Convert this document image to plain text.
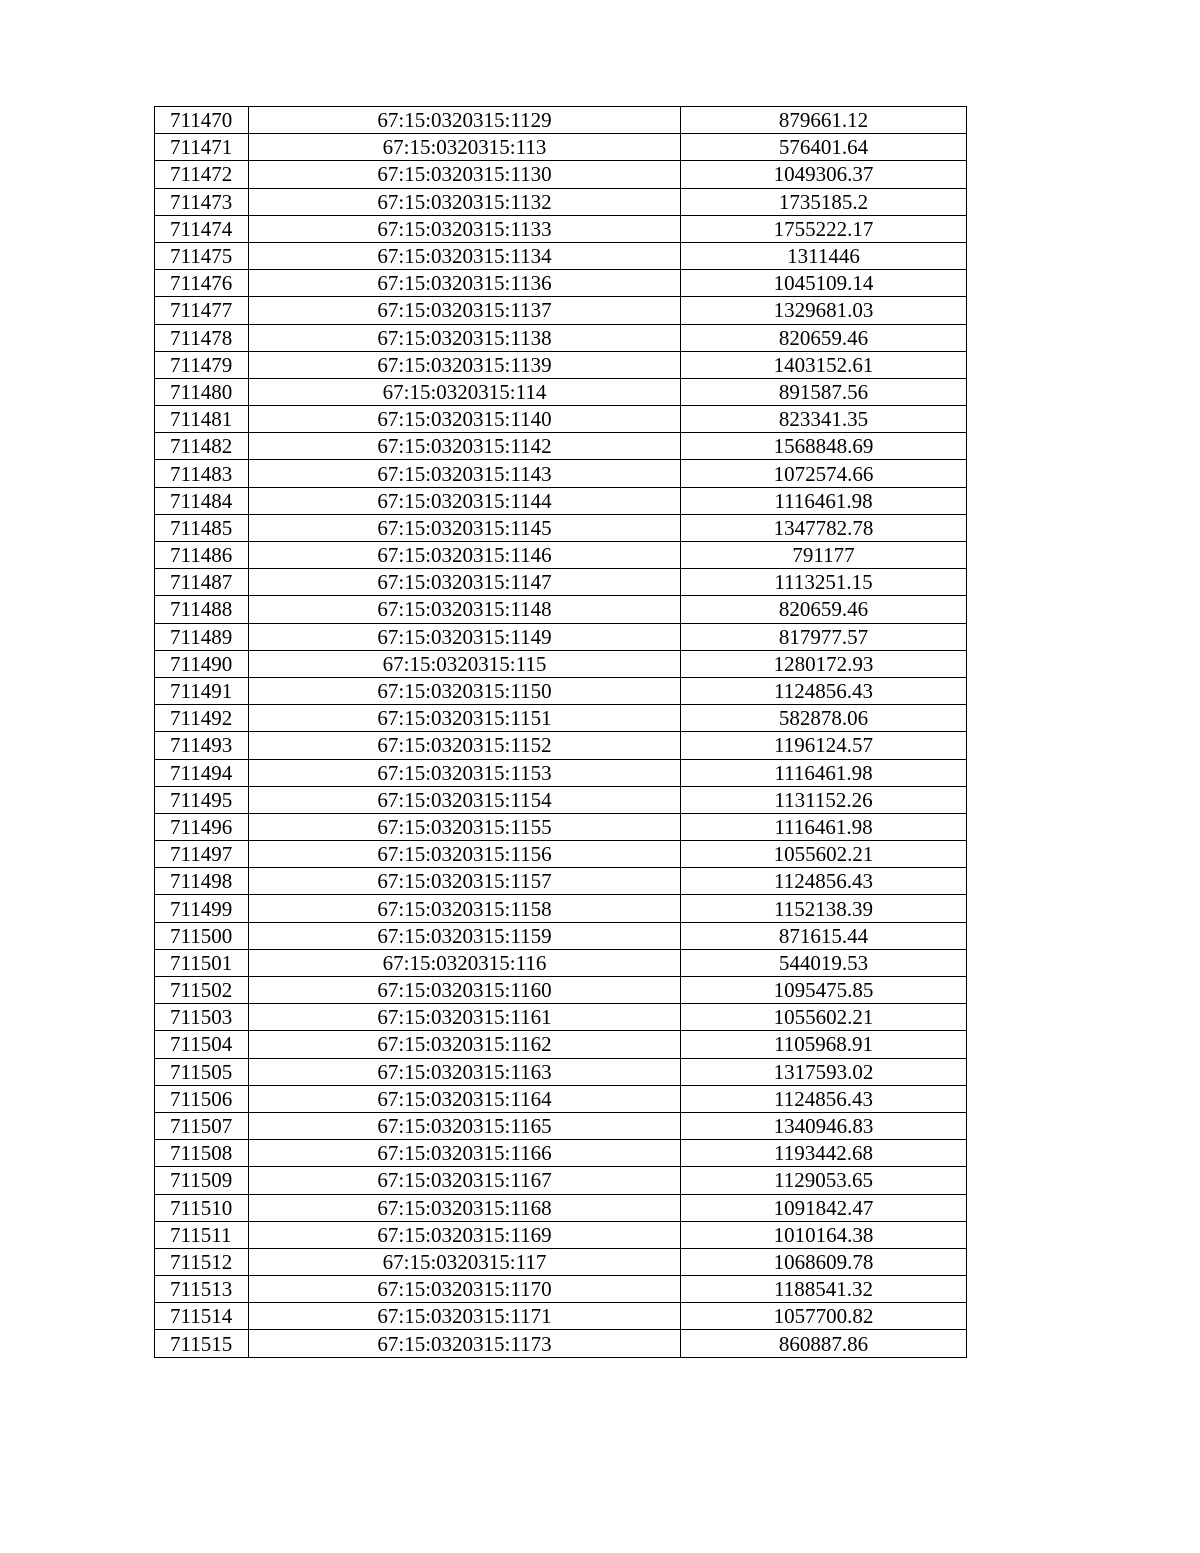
711470	67:15:0320315:1129	879661.12
711471	67:15:0320315:113	576401.64
711472	67:15:0320315:1130	1049306.37
711473	67:15:0320315:1132	1735185.2
711474	67:15:0320315:1133	1755222.17
711475	67:15:0320315:1134	1311446
711476	67:15:0320315:1136	1045109.14
711477	67:15:0320315:1137	1329681.03
711478	67:15:0320315:1138	820659.46
711479	67:15:0320315:1139	1403152.61
711480	67:15:0320315:114	891587.56
711481	67:15:0320315:1140	823341.35
711482	67:15:0320315:1142	1568848.69
711483	67:15:0320315:1143	1072574.66
711484	67:15:0320315:1144	1116461.98
711485	67:15:0320315:1145	1347782.78
711486	67:15:0320315:1146	791177
711487	67:15:0320315:1147	1113251.15
711488	67:15:0320315:1148	820659.46
711489	67:15:0320315:1149	817977.57
711490	67:15:0320315:115	1280172.93
711491	67:15:0320315:1150	1124856.43
711492	67:15:0320315:1151	582878.06
711493	67:15:0320315:1152	1196124.57
711494	67:15:0320315:1153	1116461.98
711495	67:15:0320315:1154	1131152.26
711496	67:15:0320315:1155	1116461.98
711497	67:15:0320315:1156	1055602.21
711498	67:15:0320315:1157	1124856.43
711499	67:15:0320315:1158	1152138.39
711500	67:15:0320315:1159	871615.44
711501	67:15:0320315:116	544019.53
711502	67:15:0320315:1160	1095475.85
711503	67:15:0320315:1161	1055602.21
711504	67:15:0320315:1162	1105968.91
711505	67:15:0320315:1163	1317593.02
711506	67:15:0320315:1164	1124856.43
711507	67:15:0320315:1165	1340946.83
711508	67:15:0320315:1166	1193442.68
711509	67:15:0320315:1167	1129053.65
711510	67:15:0320315:1168	1091842.47
711511	67:15:0320315:1169	1010164.38
711512	67:15:0320315:117	1068609.78
711513	67:15:0320315:1170	1188541.32
711514	67:15:0320315:1171	1057700.82
711515	67:15:0320315:1173	860887.86
